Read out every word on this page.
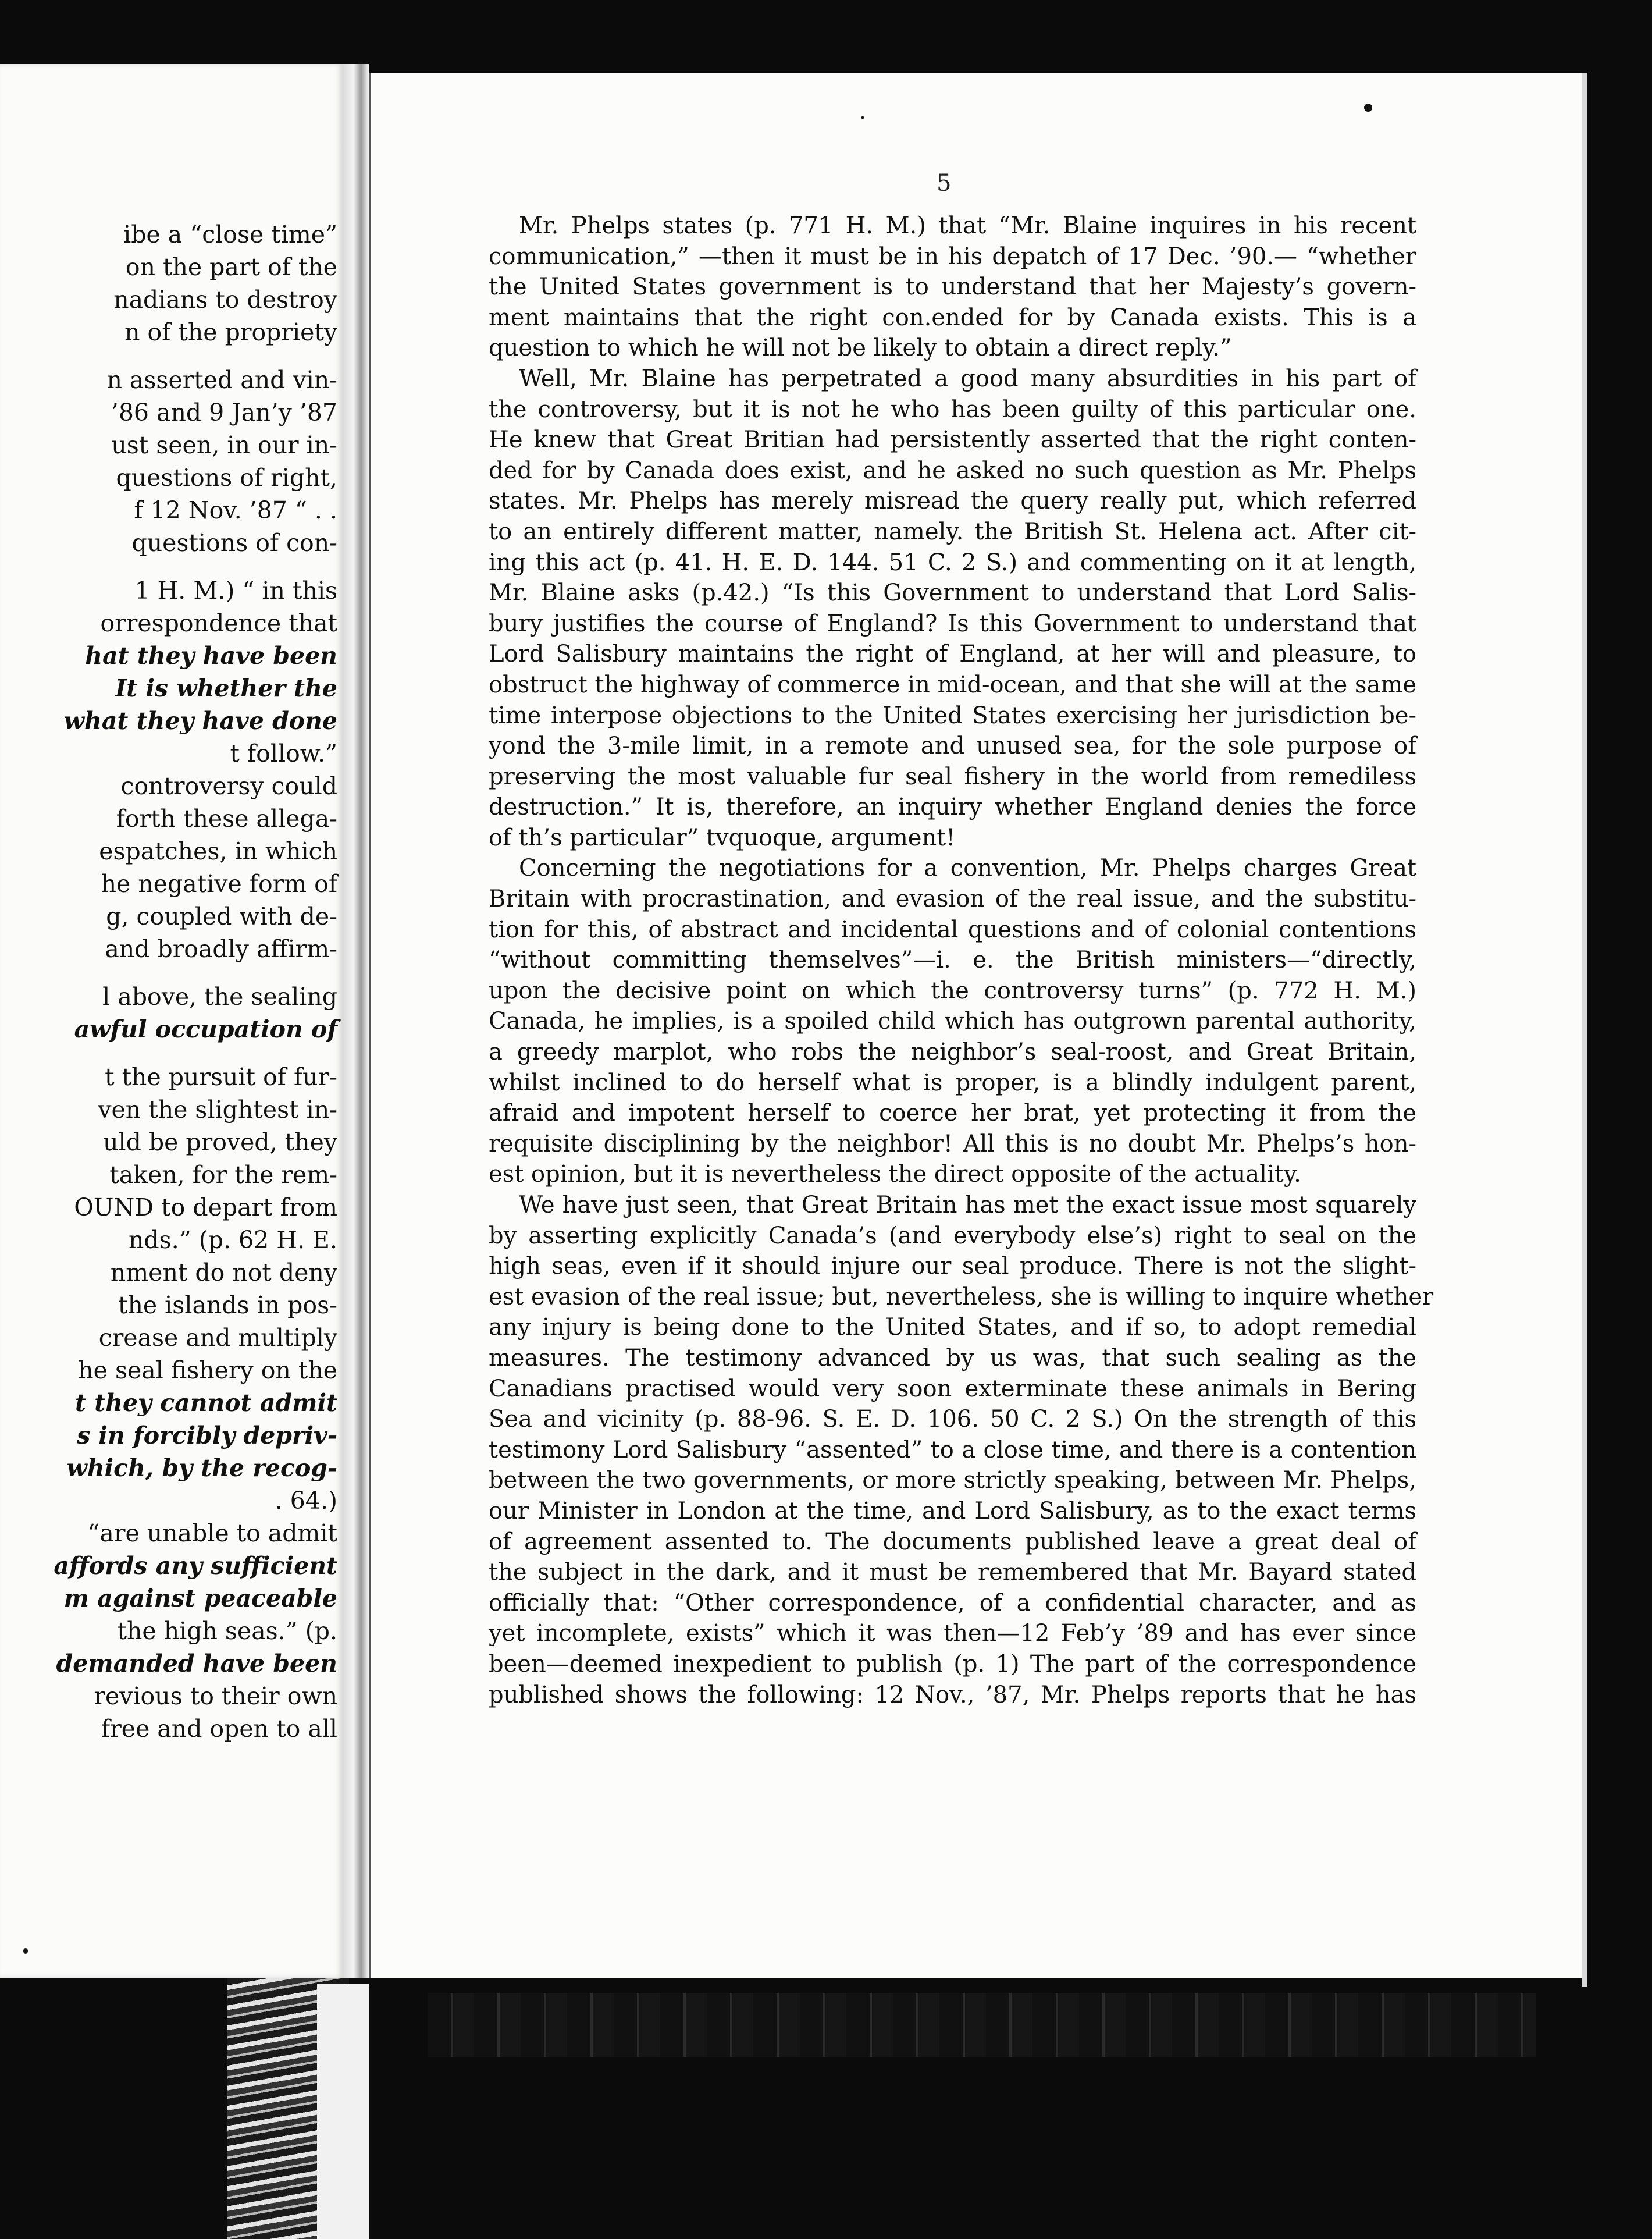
ibe a “close time”
on the part of the
nadians to destroy
n of the propriety
n asserted and vin-
’86 and 9 Jan’y ’87
ust seen, in our in-
questions of right,
f 12 Nov. ’87 “ . .
questions of con-
1 H. M.) “ in this
orrespondence that
hat they have been
It is whether the
what they have done
t follow.”
controversy could
forth these allega-
espatches, in which
he negative form of
g, coupled with de-
and broadly affirm-
l above, the sealing
awful occupation of
t the pursuit of fur-
ven the slightest in-
uld be proved, they
taken, for the rem-
OUND to depart from
nds.” (p. 62 H. E.
nment do not deny
the islands in pos-
crease and multiply
he seal fishery on the
t they cannot admit
s in forcibly depriv-
which, by the recog-
. 64.)
“are unable to admit
affords any sufficient
m against peaceable
the high seas.” (p.
demanded have been
revious to their own
free and open to all
5
Mr. Phelps states (p. 771 H. M.) that “Mr. Blaine inquires in his recent
communication,” —then it must be in his depatch of 17 Dec. ’90.— “whether
the United States government is to understand that her Majesty’s govern-
ment maintains that the right con.ended for by Canada exists. This is a
question to which he will not be likely to obtain a direct reply.”
Well, Mr. Blaine has perpetrated a good many absurdities in his part of
the controversy, but it is not he who has been guilty of this particular one.
He knew that Great Britian had persistently asserted that the right conten-
ded for by Canada does exist, and he asked no such question as Mr. Phelps
states. Mr. Phelps has merely misread the query really put, which referred
to an entirely different matter, namely. the British St. Helena act. After cit-
ing this act (p. 41. H. E. D. 144. 51 C. 2 S.) and commenting on it at length,
Mr. Blaine asks (p.42.) “Is this Government to understand that Lord Salis-
bury justifies the course of England? Is this Government to understand that
Lord Salisbury maintains the right of England, at her will and pleasure, to
obstruct the highway of commerce in mid-ocean, and that she will at the same
time interpose objections to the United States exercising her jurisdiction be-
yond the 3-mile limit, in a remote and unused sea, for the sole purpose of
preserving the most valuable fur seal fishery in the world from remediless
destruction.” It is, therefore, an inquiry whether England denies the force
of th’s particular” tvquoque, argument!
Concerning the negotiations for a convention, Mr. Phelps charges Great
Britain with procrastination, and evasion of the real issue, and the substitu-
tion for this, of abstract and incidental questions and of colonial contentions
“without committing themselves”—i. e. the British ministers—“directly,
upon the decisive point on which the controversy turns” (p. 772 H. M.)
Canada, he implies, is a spoiled child which has outgrown parental authority,
a greedy marplot, who robs the neighbor’s seal-roost, and Great Britain,
whilst inclined to do herself what is proper, is a blindly indulgent parent,
afraid and impotent herself to coerce her brat, yet protecting it from the
requisite disciplining by the neighbor! All this is no doubt Mr. Phelps’s hon-
est opinion, but it is nevertheless the direct opposite of the actuality.
We have just seen, that Great Britain has met the exact issue most squarely
by asserting explicitly Canada’s (and everybody else’s) right to seal on the
high seas, even if it should injure our seal produce. There is not the slight-
est evasion of the real issue; but, nevertheless, she is willing to inquire whether
any injury is being done to the United States, and if so, to adopt remedial
measures. The testimony advanced by us was, that such sealing as the
Canadians practised would very soon exterminate these animals in Bering
Sea and vicinity (p. 88-96. S. E. D. 106. 50 C. 2 S.) On the strength of this
testimony Lord Salisbury “assented” to a close time, and there is a contention
between the two governments, or more strictly speaking, between Mr. Phelps,
our Minister in London at the time, and Lord Salisbury, as to the exact terms
of agreement assented to. The documents published leave a great deal of
the subject in the dark, and it must be remembered that Mr. Bayard stated
officially that: “Other correspondence, of a confidential character, and as
yet incomplete, exists” which it was then—12 Feb’y ’89 and has ever since
been—deemed inexpedient to publish (p. 1) The part of the correspondence
published shows the following: 12 Nov., ’87, Mr. Phelps reports that he has
